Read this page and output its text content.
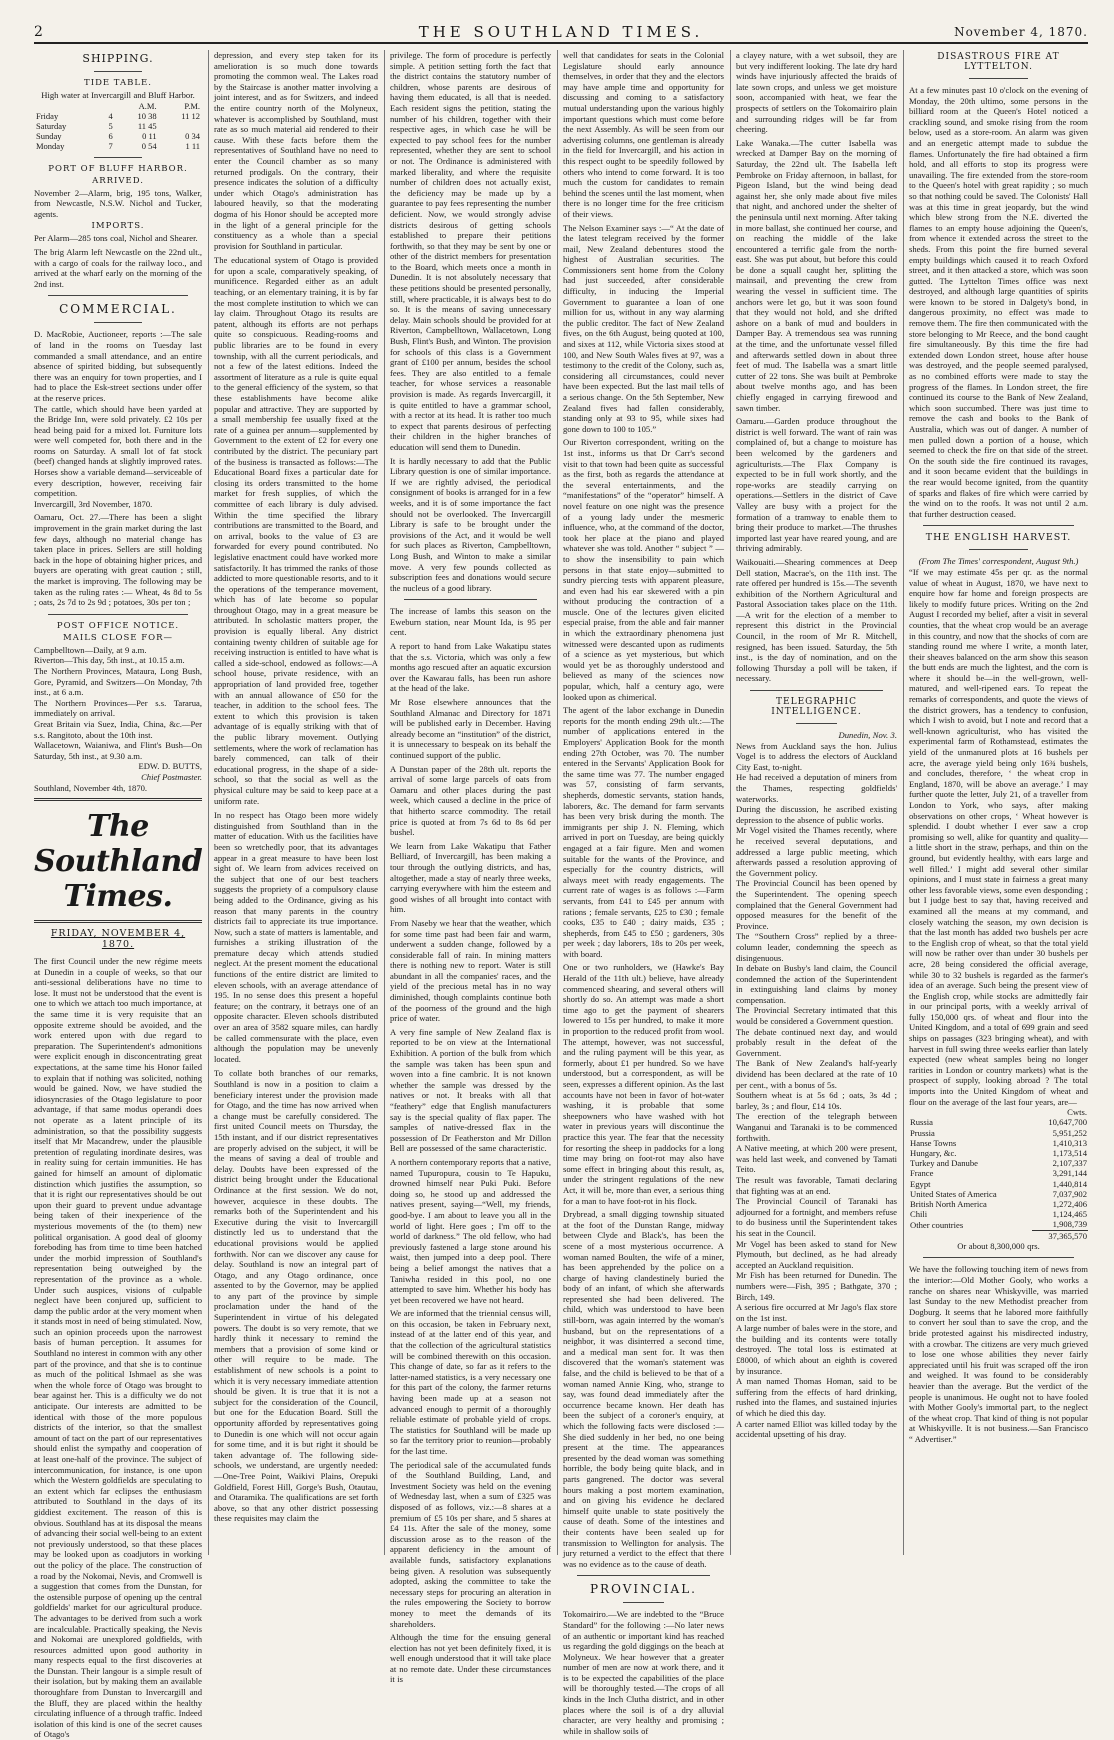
2	THE SOUTHLAND TIMES.	November 4, 1870.
SHIPPING.
TIDE TABLE.
High water at Invercargill and Bluff Harbor.
		A.M.	P.M.
Friday	4	10 38	11 12
Saturday	5	11 45	
Sunday	6	0 11	0 34
Monday	7	0 54	1 11
PORT OF BLUFF HARBOR.
ARRIVED.

November 2—Alarm, brig, 195 tons, Walker, from Newcastle, N.S.W. Nichol and Tucker, agents.

IMPORTS.

Per Alarm—285 tons coal, Nichol and Shearer.

The brig Alarm left Newcastle on the 22nd ult., with a cargo of coals for the railway loco., and arrived at the wharf early on the morning of the 2nd inst.

COMMERCIAL.

D. MacRobie, Auctioneer, reports :—The sale of land in the rooms on Tuesday last commanded a small attendance, and an entire absence of spirited bidding, but subsequently there was an enquiry for town properties, and I had to place the Esk-street sections under offer at the reserve prices.

The cattle, which should have been yarded at the Bridge Inn, were sold privately. £2 10s per head being paid for a mixed lot. Furniture lots were well competed for, both there and in the rooms on Saturday. A small lot of fat stock (beef) changed hands at slightly improved rates. Horses show a variable demand—serviceable of every description, however, receiving fair competition.

Invercargill, 3rd November, 1870.

Oamaru, Oct. 27.—There has been a slight improvement in the grain market during the last few days, although no material change has taken place in prices. Sellers are still holding back in the hope of obtaining higher prices, and buyers are operating with great caution ; still, the market is improving. The following may be taken as the ruling rates :— Wheat, 4s 8d to 5s ; oats, 2s 7d to 2s 9d ; potatoes, 30s per ton ;

POST OFFICE NOTICE.
MAILS CLOSE FOR—

Campbelltown—Daily, at 9 a.m.

Riverton—This day, 5th inst., at 10.15 a.m.

The Northern Provinces, Mataura, Long Bush, Gore, Pyramid, and Switzers—On Monday, 7th inst., at 6 a.m.

The Northern Provinces—Per s.s. Tararua, immediately on arrival.

Great Britain via Suez, India, China, &c.—Per s.s. Rangitoto, about the 10th inst.

Wallacetown, Waianiwa, and Flint's Bush—On Saturday, 5th inst., at 9.30 a.m.

EDW. D. BUTTS,

Chief Postmaster.

Southland, November 4th, 1870.

The Southland Times.
FRIDAY, NOVEMBER 4, 1870.

The first Council under the new régime meets at Dunedin in a couple of weeks, so that our anti-sessional deliberations have no time to lose. It must not be understood that the event is one to which we attach too much importance, at the same time it is very requisite that an opposite extreme should be avoided, and the work entered upon with due regard to preparation. The Superintendent's admonitions were explicit enough in disconcentrating great expectations, at the same time his Honor failed to explain that if nothing was solicited, nothing would be gained. Now, we have studied the idiosyncrasies of the Otago legislature to poor advantage, if that same modus operandi does not operate as a latent principle of its administration, so that the possibility suggests itself that Mr Macandrew, under the plausible pretention of regulating inordinate desires, was in reality suing for certain immunities. He has gained for himself an amount of diplomatic distinction which justifies the assumption, so that it is right our representatives should be out upon their guard to prevent undue advantage being taken of their inexperience of the mysterious movements of the (to them) new political organisation. A good deal of gloomy foreboding has from time to time been hatched under the morbid impression of Southland's representation being outweighed by the representation of the province as a whole. Under such auspices, visions of culpable neglect have been conjured up, sufficient to damp the public ardor at the very moment when it stands most in need of being stimulated. Now, such an opinion proceeds upon the narrowest basis of human perception. It assumes for Southland no interest in common with any other part of the province, and that she is to continue as much of the political Ishmael as she was when the whole force of Otago was brought to bear against her. This is a difficulty we do not anticipate. Our interests are admitted to be identical with those of the more populous districts of the interior, so that the smallest amount of tact on the part of our representatives should enlist the sympathy and cooperation of at least one-half of the province. The subject of intercommunication, for instance, is one upon which the Western goldfields are speculating to an extent which far eclipses the enthusiasm attributed to Southland in the days of its giddiest excitement. The reason of this is obvious. Southland has at its disposal the means of advancing their social well-being to an extent not previously understood, so that these places may be looked upon as coadjutors in working out the policy of the place. The construction of a road by the Nokomai, Nevis, and Cromwell is a suggestion that comes from the Dunstan, for the ostensible purpose of opening up the central goldfields' market for our agricultural produce. The advantages to be derived from such a work are incalculable. Practically speaking, the Nevis and Nokomai are unexplored goldfields, with resources admitted upon good authority in many respects equal to the first discoveries at the Dunstan. Their langour is a simple result of their isolation, but by making them an available thoroughfare from Dunstan to Invercargill and the Bluff, they are placed within the healthy circulating influence of a through traffic. Indeed isolation of this kind is one of the secret causes of Otago's

depression, and every step taken for its amelioration is so much done towards promoting the common weal. The Lakes road by the Staircase is another matter involving a joint interest, and as for Switzers, and indeed the entire country north of the Molyneux, whatever is accomplished by Southland, must rate as so much material aid rendered to their cause. With these facts before them the representatives of Southland have no need to enter the Council chamber as so many returned prodigals. On the contrary, their presence indicates the solution of a difficulty under which Otago's administration has laboured heavily, so that the moderating dogma of his Honor should be accepted more in the light of a general principle for the constituency as a whole than a special provision for Southland in particular.

The educational system of Otago is provided for upon a scale, comparatively speaking, of munificence. Regarded either as an adult teaching, or an elementary training, it is by far the most complete institution to which we can lay claim. Throughout Otago its results are patent, although its efforts are not perhaps quite so conspicuous. Reading-rooms and public libraries are to be found in every township, with all the current periodicals, and not a few of the latest editions. Indeed the assortment of literature as a rule is quite equal to the general efficiency of the system, so that these establishments have become alike popular and attractive. They are supported by a small membership fee usually fixed at the rate of a guinea per annum—supplemented by Government to the extent of £2 for every one contributed by the district. The pecuniary part of the business is transacted as follows:—The Educational Board fixes a particular date for closing its orders transmitted to the home market for fresh supplies, of which the committee of each library is duly advised. Within the time specified the library contributions are transmitted to the Board, and on arrival, books to the value of £3 are forwarded for every pound contributed. No legislative enactment could have worked more satisfactorily. It has trimmed the ranks of those addicted to more questionable resorts, and to it the operations of the temperance movement, which has of late become so popular throughout Otago, may in a great measure be attributed. In scholastic matters proper, the provision is equally liberal. Any district containing twenty children of suitable age for receiving instruction is entitled to have what is called a side-school, endowed as follows:—A school house, private residence, with an appropriation of land provided free, together with an annual allowance of £50 for the teacher, in addition to the school fees. The extent to which this provision is taken advantage of is equally striking with that of the public library movement. Outlying settlements, where the work of reclamation has barely commenced, can talk of their educational progress, in the shape of a side-school, so that the social as well as the physical culture may be said to keep pace at a uniform rate.

In no respect has Otago been more widely distinguished from Southland than in the matter of education. With us the facilities have been so wretchedly poor, that its advantages appear in a great measure to have been lost sight of. We learn from advices received on the subject that one of our best teachers suggests the propriety of a compulsory clause being added to the Ordinance, giving as his reason that many parents in the country districts fail to appreciate its true importance. Now, such a state of matters is lamentable, and furnishes a striking illustration of the premature decay which attends studied neglect. At the present moment the educational functions of the entire district are limited to eleven schools, with an average attendance of 195. In no sense does this present a hopeful feature; on the contrary, it betrays one of an opposite character. Eleven schools distributed over an area of 3582 square miles, can hardly be called commensurate with the place, even although the population may be unevenly located.

To collate both branches of our remarks, Southland is now in a position to claim a beneficiary interest under the provision made for Otago, and the time has now arrived when a change must be carefully considered. The first united Council meets on Thursday, the 15th instant, and if our district representatives are properly advised on the subject, it will be the means of saving a deal of trouble and delay. Doubts have been expressed of the district being brought under the Educational Ordinance at the first session. We do not, however, acquiesce in these doubts. The remarks both of the Superintendent and his Executive during the visit to Invercargill distinctly led us to understand that the educational provisions would be applied forthwith. Nor can we discover any cause for delay. Southland is now an integral part of Otago, and any Otago ordinance, once assented to by the Governor, may be applied to any part of the province by simple proclamation under the hand of the Superintendent in virtue of his delegated powers. The doubt is so very remote, that we hardly think it necessary to remind the members that a provision of some kind or other will require to be made. The establishment of new schools is a point to which it is very necessary immediate attention should be given. It is true that it is not a subject for the consideration of the Council, but one for the Education Board. Still the opportunity afforded by representatives going to Dunedin is one which will not occur again for some time, and it is but right it should be taken advantage of. The following side-schools, we understand, are urgently needed:—One-Tree Point, Waikivi Plains, Orepuki Goldfield, Forest Hill, Gorge's Bush, Otautau, and Otaramika. The qualifications are set forth above, so that any other district possessing these requisites may claim the

privilege. The form of procedure is perfectly simple. A petition setting forth the fact that the district contains the statutory number of children, whose parents are desirous of having them educated, is all that is needed. Each resident signs the petition, stating the number of his children, together with their respective ages, in which case he will be expected to pay school fees for the number represented, whether they are sent to school or not. The Ordinance is administered with marked liberality, and where the requisite number of children does not actually exist, the deficiency may be made up by a guarantee to pay fees representing the number deficient. Now, we would strongly advise districts desirous of getting schools established to prepare their petitions forthwith, so that they may be sent by one or other of the district members for presentation to the Board, which meets once a month in Dunedin. It is not absolutely necessary that these petitions should be presented personally, still, where practicable, it is always best to do so. It is the means of saving unnecessary delay. Main schools should be provided for at Riverton, Campbelltown, Wallacetown, Long Bush, Flint's Bush, and Winton. The provision for schools of this class is a Government grant of £100 per annum, besides the school fees. They are also entitled to a female teacher, for whose services a reasonable provision is made. As regards Invercargill, it is quite entitled to have a grammar school, with a rector at its head. It is rather too much to expect that parents desirous of perfecting their children in the higher branches of education will send them to Dunedin.

It is hardly necessary to add that the Public Library question is one of similar importance. If we are rightly advised, the periodical consignment of books is arranged for in a few weeks, and it is of some importance the fact should not be overlooked. The Invercargill Library is safe to be brought under the provisions of the Act, and it would be well for such places as Riverton, Campbelltown, Long Bush, and Winton to make a similar move. A very few pounds collected as subscription fees and donations would secure the nucleus of a good library.

The increase of lambs this season on the Eweburn station, near Mount Ida, is 95 per cent.

A report to hand from Lake Wakatipu states that the s.s. Victoria, which was only a few months ago rescued after an aquatic excursion over the Kawarau falls, has been run ashore at the head of the lake.

Mr Rose elsewhere announces that the Southland Almanac and Directory for 1871 will be published early in December. Having already become an “institution” of the district, it is unnecessary to bespeak on its behalf the continued support of the public.

A Dunstan paper of the 28th ult. reports the arrival of some large parcels of oats from Oamaru and other places during the past week, which caused a decline in the price of that hitherto scarce commodity. The retail price is quoted at from 7s 6d to 8s 6d per bushel.

We learn from Lake Wakatipu that Father Belliard, of Invercargill, has been making a tour through the outlying districts, and has, altogether, made a stay of nearly three weeks, carrying everywhere with him the esteem and good wishes of all brought into contact with him.

From Naseby we hear that the weather, which for some time past had been fair and warm, underwent a sudden change, followed by a considerable fall of rain. In mining matters there is nothing new to report. Water is still abundant in all the companies' races, and the yield of the precious metal has in no way diminished, though complaints continue both of the poorness of the ground and the high price of water.

A very fine sample of New Zealand flax is reported to be on view at the International Exhibition. A portion of the bulk from which the sample was taken has been spun and woven into a fine cambric. It is not known whether the sample was dressed by the natives or not. It breaks with all that “feathery” edge that English manufacturers say is the special quality of flax paper. The samples of native-dressed flax in the possession of Dr Featherston and Mr Dillon Bell are possessed of the same characteristic.

A northern contemporary reports that a native, named Tupuropura, cousin to Te Hapuku, drowned himself near Puki Puki. Before doing so, he stood up and addressed the natives present, saying—“Well, my friends, good-bye. I am about to leave you all in the world of light. Here goes ; I'm off to the world of darkness.” The old fellow, who had previously fastened a large stone around his waist, then jumped into a deep pool. There being a belief amongst the natives that a Taniwha resided in this pool, no one attempted to save him. Whether his body has yet been recovered we have not heard.

We are informed that the triennial census will, on this occasion, be taken in February next, instead of at the latter end of this year, and that the collection of the agricultural statistics will be combined therewith on this occasion. This change of date, so far as it refers to the latter-named statistics, is a very necessary one for this part of the colony, the farmer returns having been made up at a season not advanced enough to permit of a thoroughly reliable estimate of probable yield of crops. The statistics for Southland will be made up so far the territory prior to reunion—probably for the last time.

The periodical sale of the accumulated funds of the Southland Building, Land, and Investment Society was held on the evening of Wednesday last, when a sum of £325 was disposed of as follows, viz.:—8 shares at a premium of £5 10s per share, and 5 shares at £4 11s. After the sale of the money, some discussion arose as to the reason of the apparent deficiency in the amount of available funds, satisfactory explanations being given. A resolution was subsequently adopted, asking the committee to take the necessary steps for procuring an alteration in the rules empowering the Society to borrow money to meet the demands of its shareholders.

Although the time for the ensuing general election has not yet been definitely fixed, it is well enough understood that it will take place at no remote date. Under these circumstances it is

well that candidates for seats in the Colonial Legislature should early announce themselves, in order that they and the electors may have ample time and opportunity for discussing and coming to a satisfactory mutual understanding upon the various highly important questions which must come before the next Assembly. As will be seen from our advertising columns, one gentleman is already in the field for Invercargill, and his action in this respect ought to be speedily followed by others who intend to come forward. It is too much the custom for candidates to remain behind the scenes until the last moment, when there is no longer time for the free criticism of their views.

The Nelson Examiner says :—“ At the date of the latest telegram received by the former mail, New Zealand debentures stood the highest of Australian securities. The Commissioners sent home from the Colony had just succeeded, after considerable difficulty, in inducing the Imperial Government to guarantee a loan of one million for us, without in any way alarming the public creditor. The fact of New Zealand fives, on the 6th August, being quoted at 100, and sixes at 112, while Victoria sixes stood at 100, and New South Wales fives at 97, was a testimony to the credit of the Colony, such as, considering all circumstances, could never have been expected. But the last mail tells of a serious change. On the 5th September, New Zealand fives had fallen considerably, standing only at 93 to 95, while sixes had gone down to 100 to 105.”

Our Riverton correspondent, writing on the 1st inst., informs us that Dr Carr's second visit to that town had been quite as successful as the first, both as regards the attendance at the several entertainments, and the “manifestations” of the “operator” himself. A novel feature on one night was the presence of a young lady under the mesmeric influence, who, at the command of the doctor, took her place at the piano and played whatever she was told. Another “ subject ” —to show the insensibility to pain which persons in that state enjoy—submitted to sundry piercing tests with apparent pleasure, and even had his ear skewered with a pin without producing the contraction of a muscle. One of the lectures given elicited especial praise, from the able and fair manner in which the extraordinary phenomena just witnessed were descanted upon as rudiments of a science as yet mysterious, but which would yet be as thoroughly understood and believed as many of the sciences now popular, which, half a century ago, were looked upon as chimerical.

The agent of the labor exchange in Dunedin reports for the month ending 29th ult.:—The number of applications entered in the Employers' Application Book for the month ending 27th October, was 70. The number entered in the Servants' Application Book for the same time was 77. The number engaged was 57, consisting of farm servants, shepherds, domestic servants, station hands, laborers, &c. The demand for farm servants has been very brisk during the month. The immigrants per ship J. N. Fleming, which arrived in port on Tuesday, are being quickly engaged at a fair figure. Men and women suitable for the wants of the Province, and especially for the country districts, will always meet with ready engagements. The current rate of wages is as follows :—Farm servants, from £41 to £45 per annum with rations ; female servants, £25 to £30 ; female cooks, £35 to £40 ; dairy maids, £35 ; shepherds, from £45 to £50 ; gardeners, 30s per week ; day laborers, 18s to 20s per week, with board.

One or two runholders, we (Hawke's Bay Herald of the 11th ult.) believe, have already commenced shearing, and several others will shortly do so. An attempt was made a short time ago to get the payment of shearers lowered to 15s per hundred, to make it more in proportion to the reduced profit from wool. The attempt, however, was not successful, and the ruling payment will be this year, as formerly, about £1 per hundred. So we have understood, but a correspondent, as will be seen, expresses a different opinion. As the last accounts have not been in favor of hot-water washing, it is probable that some sheepowners who have washed with hot water in previous years will discontinue the practice this year. The fear that the necessity for resorting the sheep in paddocks for a long time may bring on foot-rot may also have some effect in bringing about this result, as, under the stringent regulations of the new Act, it will be, more than ever, a serious thing for a man to have foot-rot in his flock.

Drybread, a small digging township situated at the foot of the Dunstan Range, midway between Clyde and Black's, has been the scene of a most mysterious occurrence. A woman named Boulten, the wife of a miner, has been apprehended by the police on a charge of having clandestinely buried the body of an infant, of which she afterwards represented she had been delivered. The child, which was understood to have been still-born, was again interred by the woman's husband, but on the representations of a neighbor, it was disinterred a second time, and a medical man sent for. It was then discovered that the woman's statement was false, and the child is believed to be that of a woman named Annie King, who, strange to say, was found dead immediately after the occurrence became known. Her death has been the subject of a coroner's enquiry, at which the following facts were disclosed :—She died suddenly in her bed, no one being present at the time. The appearances presented by the dead woman was something horrible, the body being quite black, and in parts gangrened. The doctor was several hours making a post mortem examination, and on giving his evidence he declared himself quite unable to state positively the cause of death. Some of the intestines and their contents have been sealed up for transmission to Wellington for analysis. The jury returned a verdict to the effect that there was no evidence as to the cause of death.

PROVINCIAL.

Tokomairiro.—We are indebted to the “Bruce Standard” for the following :—No later news of an authentic or important kind has reached us regarding the gold diggings on the beach at Molyneux. We hear however that a greater number of men are now at work there, and it is to be expected the capabilities of the place will be thoroughly tested.—The crops of all kinds in the Inch Clutha district, and in other places where the soil is of a dry alluvial character, are very healthy and promising ; while in shallow soils of

a clayey nature, with a wet subsoil, they are but very indifferent looking. The late dry hard winds have injuriously affected the braids of late sown crops, and unless we get moisture soon, accompanied with heat, we fear the prospects of settlers on the Tokomairiro plain and surrounding ridges will be far from cheering.

Lake Wanaka.—The cutter Isabella was wrecked at Damper Bay on the morning of Saturday, the 22nd ult. The Isabella left Pembroke on Friday afternoon, in ballast, for Pigeon Island, but the wind being dead against her, she only made about five miles that night, and anchored under the shelter of the peninsula until next morning. After taking in more ballast, she continued her course, and on reaching the middle of the lake encountered a terrific gale from the north-east. She was put about, but before this could be done a squall caught her, splitting the mainsail, and preventing the crew from wearing the vessel in sufficient time. The anchors were let go, but it was soon found that they would not hold, and she drifted ashore on a bank of mud and boulders in Damper Bay. A tremendous sea was running at the time, and the unfortunate vessel filled and afterwards settled down in about three feet of mud. The Isabella was a smart little cutter of 22 tons. She was built at Pembroke about twelve months ago, and has been chiefly engaged in carrying firewood and sawn timber.

Oamaru.—Garden produce throughout the district is well forward. The want of rain was complained of, but a change to moisture has been welcomed by the gardeners and agriculturists.—The Flax Company is expected to be in full work shortly, and the rope-works are steadily carrying on operations.—Settlers in the district of Cave Valley are busy with a project for the formation of a tramway to enable them to bring their produce to market.—The thrushes imported last year have reared young, and are thriving admirably.

Waikouaiti.—Shearing commences at Deep Dell station, Macrae's, on the 11th inst. The rate offered per hundred is 15s.—The seventh exhibition of the Northern Agricultural and Pastoral Association takes place on the 11th.—A writ for the election of a member to represent this district in the Provincial Council, in the room of Mr R. Mitchell, resigned, has been issued. Saturday, the 5th inst., is the day of nomination, and on the following Thursday a poll will be taken, if necessary.

TELEGRAPHIC INTELLIGENCE.

Dunedin, Nov. 3.

News from Auckland says the hon. Julius Vogel is to address the electors of Auckland City East, to-night.

He had received a deputation of miners from the Thames, respecting goldfields' waterworks.

During the discussion, he ascribed existing depression to the absence of public works.

Mr Vogel visited the Thames recently, where he received several deputations, and addressed a large public meeting, which afterwards passed a resolution approving of the Government policy.

The Provincial Council has been opened by the Superintendent. The opening speech complained that the General Government had opposed measures for the benefit of the Province.

The “Southern Cross” replied by a three-column leader, condemning the speech as disingenuous.

In debate on Busby's land claim, the Council condemned the action of the Superintendent in extinguishing land claims by money compensation.

The Provincial Secretary intimated that this would be considered a Government question.

The debate continued next day, and would probably result in the defeat of the Government.

The Bank of New Zealand's half-yearly dividend has been declared at the rate of 10 per cent., with a bonus of 5s.

Southern wheat is at 5s 6d ; oats, 3s 4d ; barley, 3s ; and flour, £14 10s.

The erection of the telegraph between Wanganui and Taranaki is to be commenced forthwith.

A Native meeting, at which 200 were present, was held last week, and convened by Tamati Teito.

The result was favorable, Tamati declaring that fighting was at an end.

The Provincial Council of Taranaki has adjourned for a fortnight, and members refuse to do business until the Superintendent takes his seat in the Council.

Mr Vogel has been asked to stand for New Plymouth, but declined, as he had already accepted an Auckland requisition.

Mr Fish has been returned for Dunedin. The numbers were—Fish, 395 ; Bathgate, 370 ; Birch, 149.

A serious fire occurred at Mr Jago's flax store on the 1st inst.

A large number of bales were in the store, and the building and its contents were totally destroyed. The total loss is estimated at £8000, of which about an eighth is covered by insurance.

A man named Thomas Homan, said to be suffering from the effects of hard drinking, rushed into the flames, and sustained injuries of which he died this day.

A carter named Elliot was killed today by the accidental upsetting of his dray.

DISASTROUS FIRE AT LYTTELTON.

At a few minutes past 10 o'clock on the evening of Monday, the 20th ultimo, some persons in the billiard room at the Queen's Hotel noticed a crackling sound, and smoke rising from the room below, used as a store-room. An alarm was given and an energetic attempt made to subdue the flames. Unfortunately the fire had obtained a firm hold, and all efforts to stop its progress were unavailing. The fire extended from the store-room to the Queen's hotel with great rapidity ; so much so that nothing could be saved. The Colonists' Hall was at this time in great jeopardy, but the wind which blew strong from the N.E. diverted the flames to an empty house adjoining the Queen's, from whence it extended across the street to the sheds. From this point the fire burned several empty buildings which caused it to reach Oxford street, and it then attacked a store, which was soon gutted. The Lyttelton Times office was next destroyed, and although large quantities of spirits were known to be stored in Dalgety's bond, in dangerous proximity, no effect was made to remove them. The fire then communicated with the store belonging to Mr Reece, and the bond caught fire simultaneously. By this time the fire had extended down London street, house after house was destroyed, and the people seemed paralysed, as no combined efforts were made to stay the progress of the flames. In London street, the fire continued its course to the Bank of New Zealand, which soon succumbed. There was just time to remove the cash and books to the Bank of Australia, which was out of danger. A number of men pulled down a portion of a house, which seemed to check the fire on that side of the street. On the south side the fire continued its ravages, and it soon became evident that the buildings in the rear would become ignited, from the quantity of sparks and flakes of fire which were carried by the wind on to the roofs. It was not until 2 a.m. that further destruction ceased.

THE ENGLISH HARVEST.

(From The Times' correspondent, August 9th.)

“If we may estimate 45s per qr. as the normal value of wheat in August, 1870, we have next to enquire how far home and foreign prospects are likely to modify future prices. Writing on the 2nd August I recorded my belief, after a visit in several counties, that the wheat crop would be an average in this country, and now that the shocks of corn are standing round me where I write, a month later, their sheaves balanced on the arm show this season the butt ends are much the lightest, and the corn is where it should be—in the well-grown, well-matured, and well-ripened ears. To repeat the remarks of correspondents, and quote the views of the district growers, has a tendency to confusion, which I wish to avoid, but I note and record that a well-known agriculturist, who has visited the experimental farm of Rothamstead, estimates the yield of the unmanured plots at 16 bushels per acre, the average yield being only 16¾ bushels, and concludes, therefore, ‘ the wheat crop in England, 1870, will be above an average.’ I may further quote the letter, July 21, of a traveller from London to York, who says, after making observations on other crops, ‘ Wheat however is splendid. I doubt whether I ever saw a crop promising so well, alike for quantity and quality—a little short in the straw, perhaps, and thin on the ground, but evidently healthy, with ears large and well filled.’ I might add several other similar opinions, and I must state in fairness a great many other less favorable views, some even desponding ; but I judge best to say that, having received and examined all the means at my command, and closely watching the season, my own decision is that the last month has added two bushels per acre to the English crop of wheat, so that the total yield will now be rather over than under 30 bushels per acre, 28 being considered the official average, while 30 to 32 bushels is regarded as the farmer's idea of an average. Such being the present view of the English crop, while stocks are admittedly fair in our principal ports, with a weekly arrival of fully 150,000 qrs. of wheat and flour into the United Kingdom, and a total of 699 grain and seed ships on passages (323 bringing wheat), and with harvest in full swing three weeks earlier than lately expected (new wheat samples being no longer rarities in London or country markets) what is the prospect of supply, looking abroad ? The total imports into the United Kingdom of wheat and flour on the average of the last four years, are—

	Cwts.
Russia	10,647,700
Prussia	5,951,252
Hanse Towns	1,410,313
Hungary, &c.	1,173,514
Turkey and Danube	2,107,337
France	3,291,144
Egypt	1,440,814
United States of America	7,037,902
British North America	1,272,406
Chili	1,124,465
Other countries	1,908,739
	37,365,570

Or about 8,300,000 qrs.

We have the following touching item of news from the interior:—Old Mother Gooly, who works a ranche on shares near Whiskyville, was married last Sunday to the new Methodist preacher from Dogburg. It seems that he labored more faithfully to convert her soul than to save the crop, and the bride protested against his misdirected industry, with a crowbar. The citizens are very much grieved to lose one whose abilities they never fairly appreciated until his fruit was scraped off the iron and weighed. It was found to be considerably heavier than the average. But the verdict of the people is unanimous. He ought not to have fooled with Mother Gooly's immortal part, to the neglect of the wheat crop. That kind of thing is not popular at Whiskyville. It is not business.—San Francisco “ Advertiser.”
